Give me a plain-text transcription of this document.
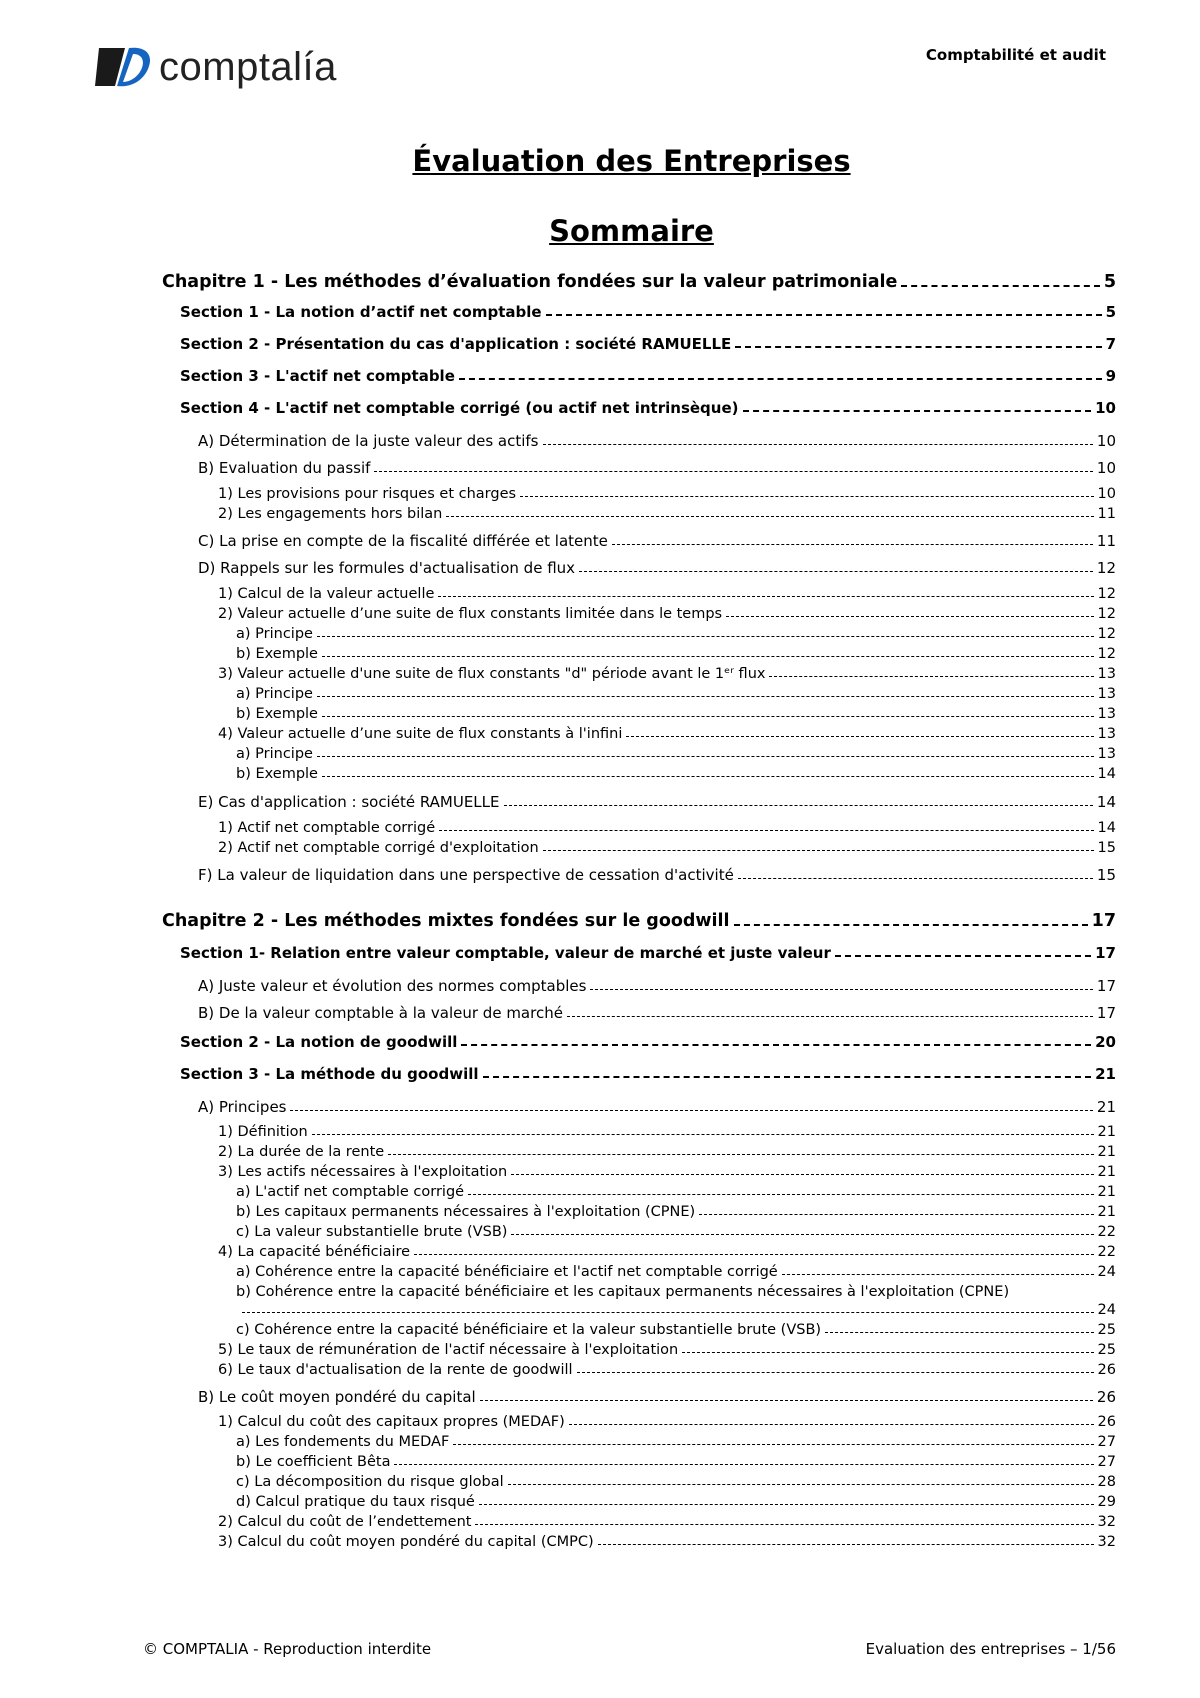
comptalía	Comptabilité et audit
Évaluation des Entreprises
Sommaire
Chapitre 1 - Les méthodes d’évaluation fondées sur la valeur patrimoniale	5
Section 1 - La notion d’actif net comptable	5
Section 2 - Présentation du cas d'application : société RAMUELLE	7
Section 3 - L'actif net comptable	9
Section 4 - L'actif net comptable corrigé (ou actif net intrinsèque)	10
A) Détermination de la juste valeur des actifs	10
B) Evaluation du passif	10
1) Les provisions pour risques et charges	10
2) Les engagements hors bilan	11
C) La prise en compte de la fiscalité différée et latente	11
D) Rappels sur les formules d'actualisation de flux	12
1) Calcul de la valeur actuelle	12
2) Valeur actuelle d’une suite de flux constants limitée dans le temps	12
a) Principe	12
b) Exemple	12
3) Valeur actuelle d'une suite de flux constants "d" période avant le 1ᵉʳ flux	13
a) Principe	13
b) Exemple	13
4) Valeur actuelle d’une suite de flux constants à l'infini	13
a) Principe	13
b) Exemple	14
E) Cas d'application : société RAMUELLE	14
1) Actif net comptable corrigé	14
2) Actif net comptable corrigé d'exploitation	15
F) La valeur de liquidation dans une perspective de cessation d'activité	15
Chapitre 2 - Les méthodes mixtes fondées sur le goodwill	17
Section 1- Relation entre valeur comptable, valeur de marché et juste valeur	17
A) Juste valeur et évolution des normes comptables	17
B) De la valeur comptable à la valeur de marché	17
Section 2 - La notion de goodwill	20
Section 3 - La méthode du goodwill	21
A) Principes	21
1) Définition	21
2) La durée de la rente	21
3) Les actifs nécessaires à l'exploitation	21
a) L'actif net comptable corrigé	21
b) Les capitaux permanents nécessaires à l'exploitation (CPNE)	21
c) La valeur substantielle brute (VSB)	22
4) La capacité bénéficiaire	22
a) Cohérence entre la capacité bénéficiaire et l'actif net comptable corrigé	24
b) Cohérence entre la capacité bénéficiaire et les capitaux permanents nécessaires à l'exploitation (CPNE)
24
c) Cohérence entre la capacité bénéficiaire et la valeur substantielle brute (VSB)	25
5) Le taux de rémunération de l'actif nécessaire à l'exploitation	25
6) Le taux d'actualisation de la rente de goodwill	26
B) Le coût moyen pondéré du capital	26
1) Calcul du coût des capitaux propres (MEDAF)	26
a) Les fondements du MEDAF	27
b) Le coefficient Bêta	27
c) La décomposition du risque global	28
d) Calcul pratique du taux risqué	29
2) Calcul du coût de l’endettement	32
3) Calcul du coût moyen pondéré du capital (CMPC)	32
© COMPTALIA - Reproduction interdite	Evaluation des entreprises – 1/56
